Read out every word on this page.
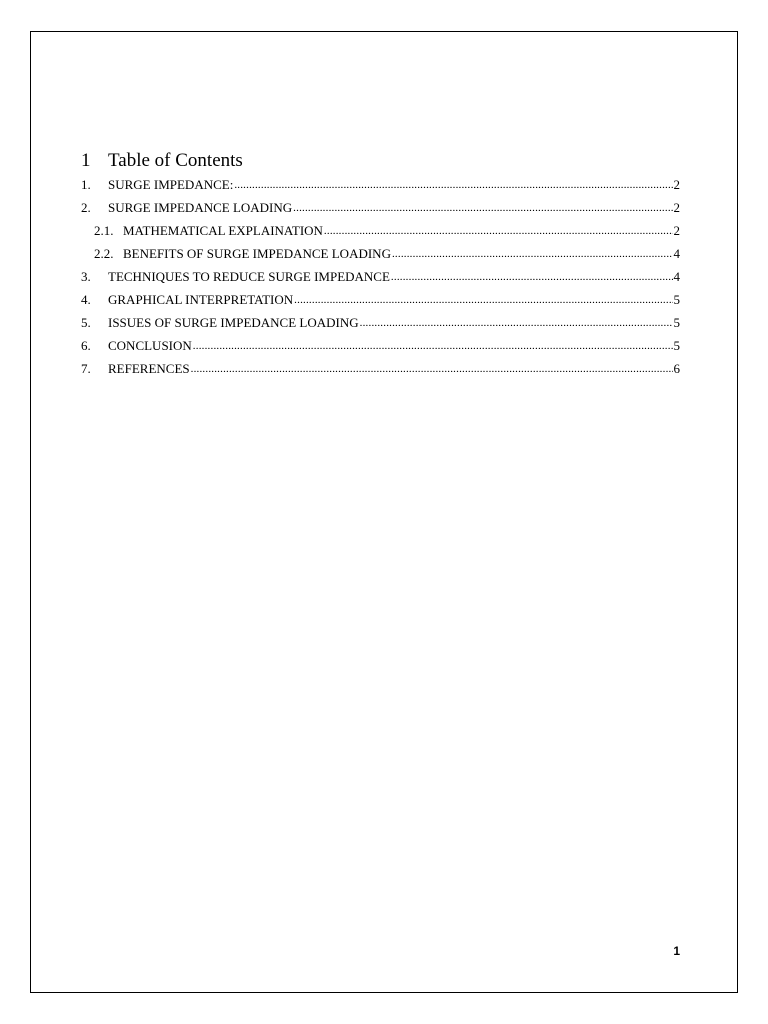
1 Table of Contents
1.	SURGE IMPEDANCE: .....	2
2.	SURGE IMPEDANCE LOADING .....	2
2.1. MATHEMATICAL EXPLAINATION .....	2
2.2. BENEFITS OF SURGE IMPEDANCE LOADING .....	4
3.	TECHNIQUES TO REDUCE SURGE IMPEDANCE .....	4
4.	GRAPHICAL INTERPRETATION .....	5
5.	ISSUES OF SURGE IMPEDANCE LOADING .....	5
6.	CONCLUSION .....	5
7.	REFERENCES .....	6
1
